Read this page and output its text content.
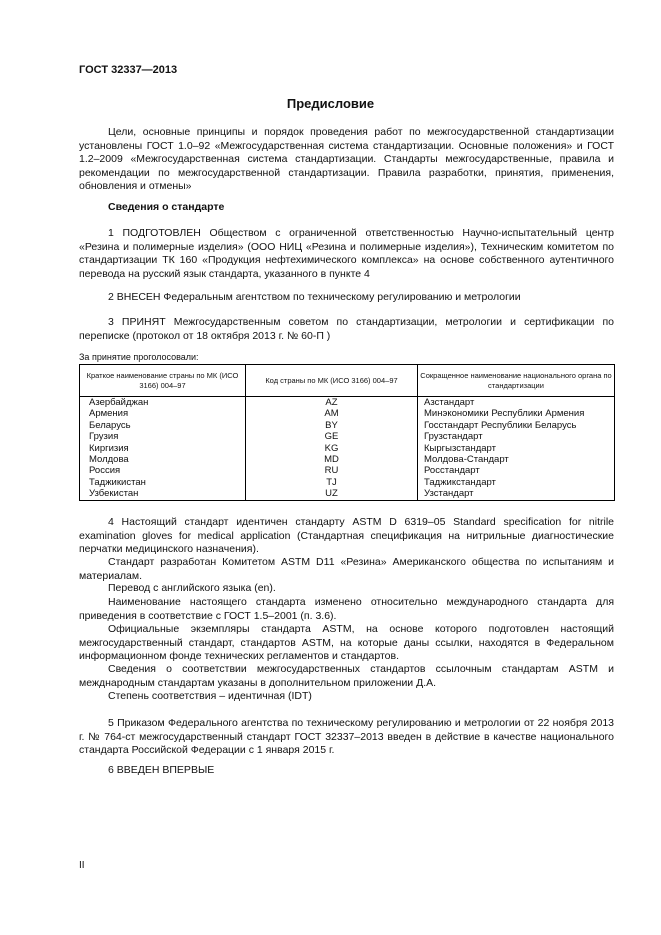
ГОСТ 32337—2013
Предисловие

Цели, основные принципы и порядок проведения работ по межгосударственной стандартизации установлены ГОСТ 1.0–92 «Межгосударственная система стандартизации. Основные положения» и ГОСТ 1.2–2009 «Межгосударственная система стандартизации. Стандарты межгосударственные, правила и рекомендации по межгосударственной стандартизации. Правила разработки, принятия, применения, обновления и отмены»

Сведения о стандарте

1 ПОДГОТОВЛЕН Обществом с ограниченной ответственностью Научно-испытательный центр «Резина и полимерные изделия» (ООО НИЦ «Резина и полимерные изделия»), Техническим комитетом по стандартизации ТК 160 «Продукция нефтехимического комплекса» на основе собственного аутентичного перевода на русский язык стандарта, указанного в пункте 4

2 ВНЕСЕН Федеральным агентством по техническому регулированию и метрологии

3 ПРИНЯТ Межгосударственным советом по стандартизации, метрологии и сертификации по переписке (протокол от 18 октября 2013 г. № 60-П )

За принятие проголосовали:
Краткое наименование страны по МК (ИСО 3166) 004–97	Код страны по МК (ИСО 3166) 004–97	Сокращенное наименование национального органа по стандартизации
Азербайджан	AZ	Азстандарт
Армения	AM	Минэкономики Республики Армения
Беларусь	BY	Госстандарт Республики Беларусь
Грузия	GE	Грузстандарт
Киргизия	KG	Кыргызстандарт
Молдова	MD	Молдова-Стандарт
Россия	RU	Росстандарт
Таджикистан	TJ	Таджикстандарт
Узбекистан	UZ	Узстандарт

4 Настоящий стандарт идентичен стандарту ASTM D 6319–05 Standard specification for nitrile examination gloves for medical application (Стандартная спецификация на нитрильные диагностические перчатки медицинского назначения).

Стандарт разработан Комитетом ASTM D11 «Резина» Американского общества по испытаниям и материалам.

Перевод с английского языка (en).

Наименование настоящего стандарта изменено относительно международного стандарта для приведения в соответствие с ГОСТ 1.5–2001 (п. 3.6).

Официальные экземпляры стандарта ASTM, на основе которого подготовлен настоящий межгосударственный стандарт, стандартов ASTM, на которые даны ссылки, находятся в Федеральном информационном фонде технических регламентов и стандартов.

Сведения о соответствии межгосударственных стандартов ссылочным стандартам ASTM и межднародным стандартам указаны в дополнительном приложении Д.А.

Степень соответствия – идентичная (IDT)

5 Приказом Федерального агентства по техническому регулированию и метрологии от 22 ноября 2013 г. № 764-ст межгосударственный стандарт ГОСТ 32337–2013 введен в действие в качестве национального стандарта Российской Федерации с 1 января 2015 г.

6 ВВЕДЕН ВПЕРВЫЕ
II
